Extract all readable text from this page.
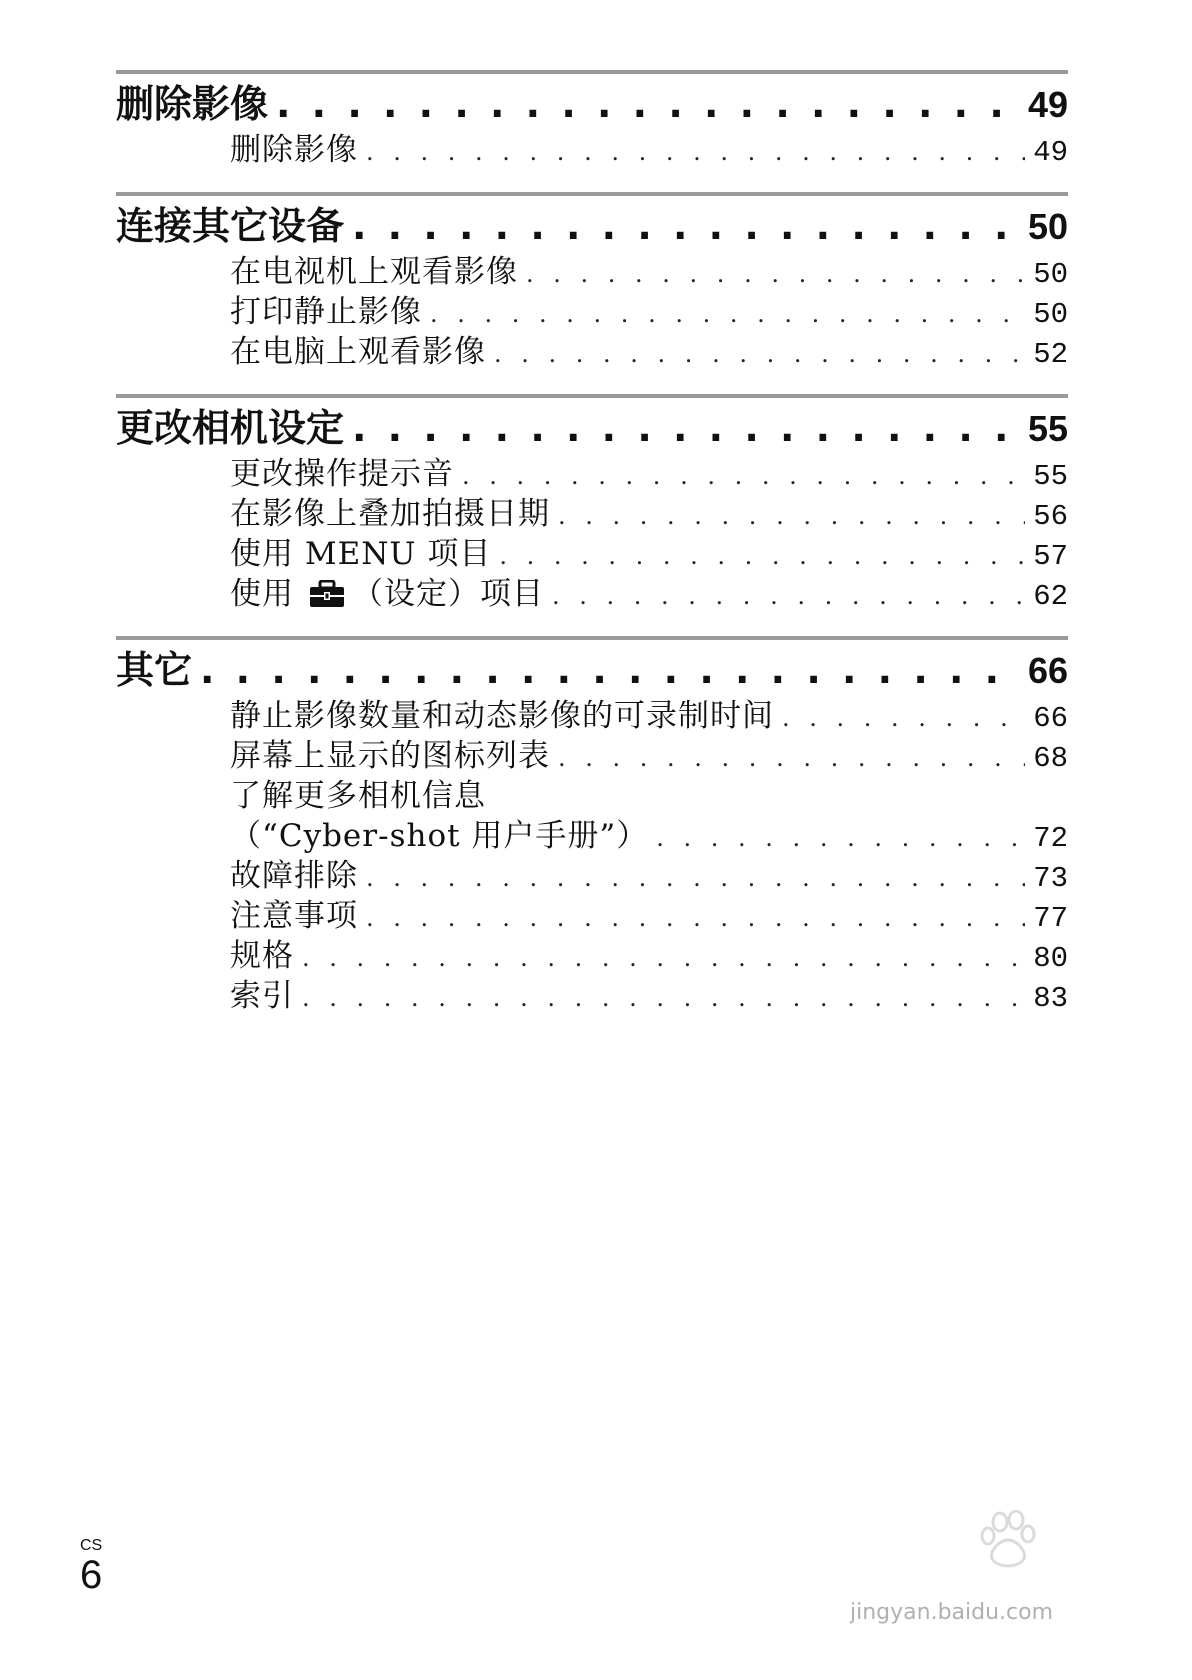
删除影像 . . .	49
删除影像 . . .	49
连接其它设备 . . .	50
在电视机上观看影像 . . .	50
打印静止影像 . . .	50
在电脑上观看影像 . . .	52
更改相机设定 . . .	55
更改操作提示音 . . .	55
在影像上叠加拍摄日期 . . .	56
使用 MENU 项目 . . .	57
使用 （设定）项目 . . .	62
其它 . . .	66
静止影像数量和动态影像的可录制时间 . . .	66
屏幕上显示的图标列表 . . .	68
了解更多相机信息
（“Cyber-shot 用户手册”） . . .	72
故障排除 . . .	73
注意事项 . . .	77
规格 . . .	80
索引 . . .	83
CS
6
jingyan.baidu.com
